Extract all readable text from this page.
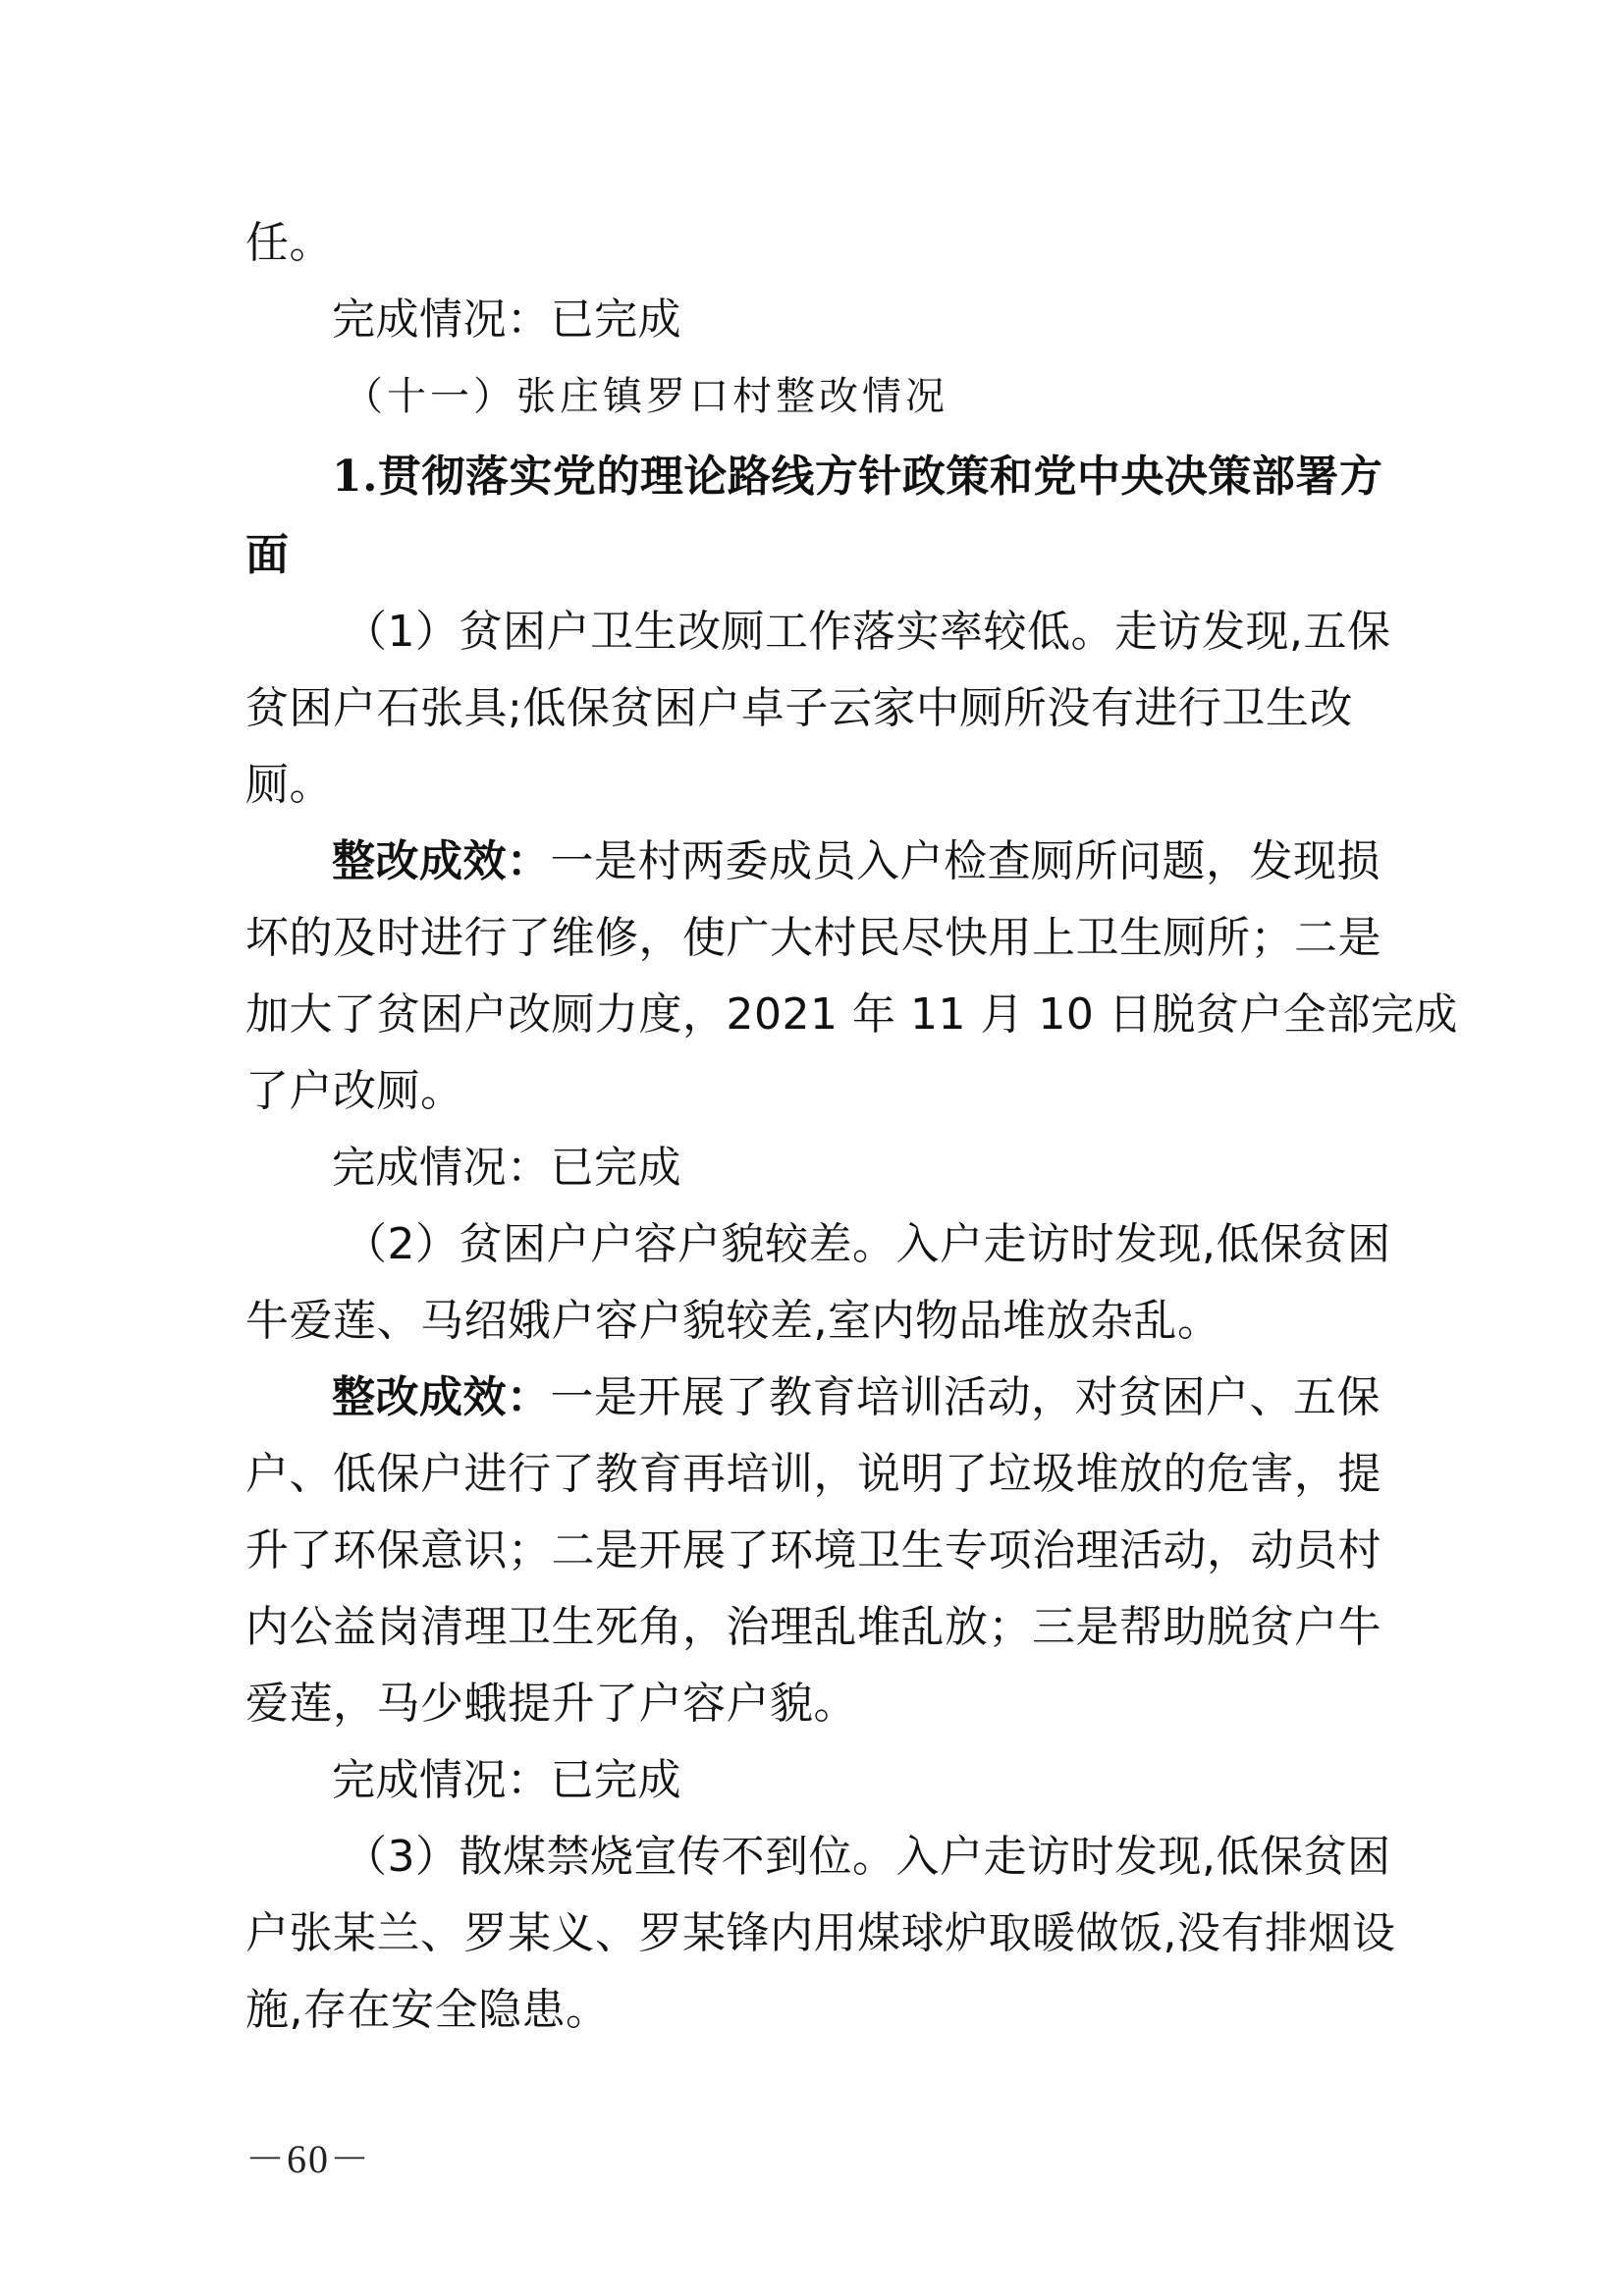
任。
完成情况：已完成
（十一）张庄镇罗口村整改情况
1.贯彻落实党的理论路线方针政策和党中央决策部署方
面
（1）贫困户卫生改厕工作落实率较低。走访发现,五保
贫困户石张具;低保贫困户卓子云家中厕所没有进行卫生改
厕。
整改成效：一是村两委成员入户检查厕所问题，发现损
坏的及时进行了维修，使广大村民尽快用上卫生厕所；二是
加大了贫困户改厕力度，2021 年 11 月 10 日脱贫户全部完成
了户改厕。
完成情况：已完成
（2）贫困户户容户貌较差。入户走访时发现,低保贫困
牛爱莲、马绍娥户容户貌较差,室内物品堆放杂乱。
整改成效：一是开展了教育培训活动，对贫困户、五保
户、低保户进行了教育再培训，说明了垃圾堆放的危害，提
升了环保意识；二是开展了环境卫生专项治理活动，动员村
内公益岗清理卫生死角，治理乱堆乱放；三是帮助脱贫户牛
爱莲，马少蛾提升了户容户貌。
完成情况：已完成
（3）散煤禁烧宣传不到位。入户走访时发现,低保贫困
户张某兰、罗某义、罗某锋内用煤球炉取暖做饭,没有排烟设
施,存在安全隐患。
－60－
